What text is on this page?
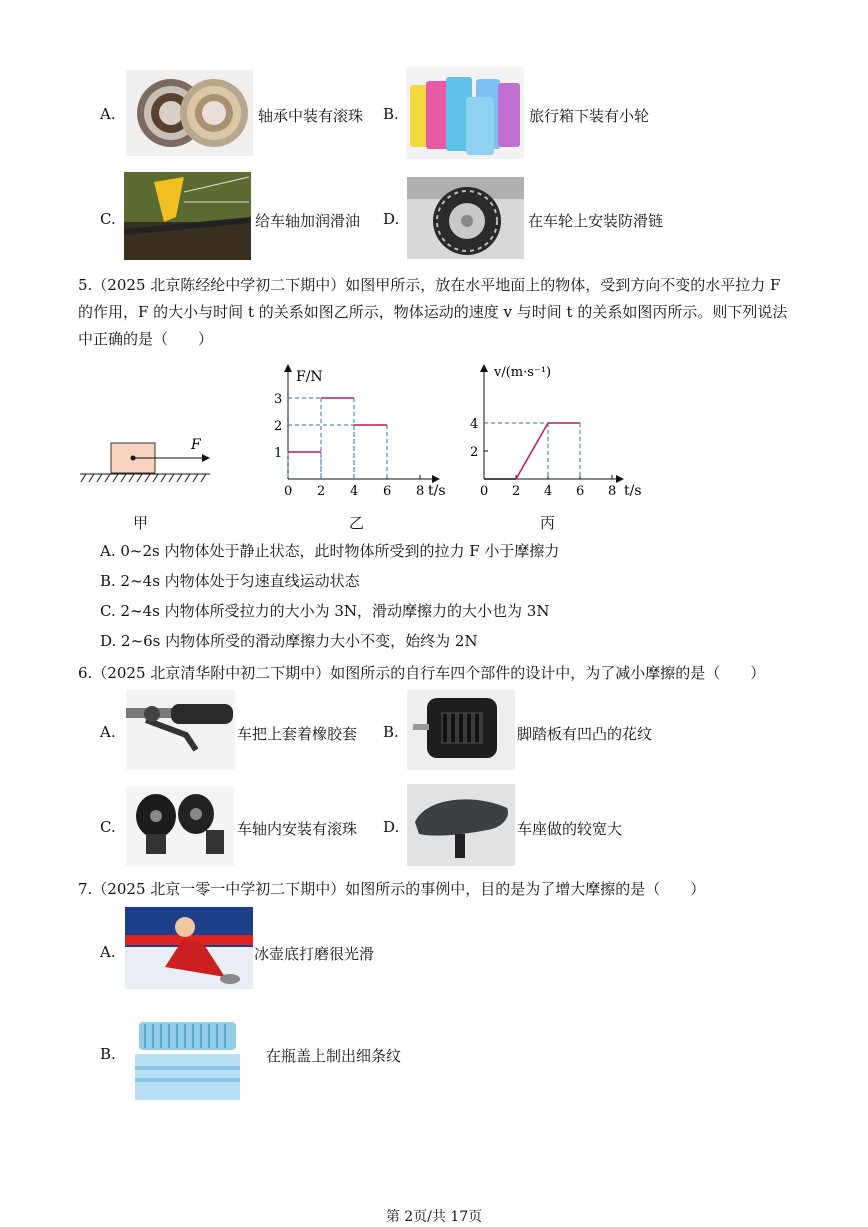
A.	轴承中装有滚珠 B.	旅行箱下装有小轮
C.	给车轴加润滑油 D.	在车轮上安装防滑链

5.（2025 北京陈经纶中学初二下期中）如图甲所示，放在水平地面上的物体，受到方向不变的水平拉力 F

的作用，F 的大小与时间 t 的关系如图乙所示，物体运动的速度 v 与时间 t 的关系如图丙所示。则下列说法

中正确的是（　　）

F
甲
F/N
t/s
0 2 4 6 8
3
2
1
乙
v/(m·s⁻¹)
t/s
0 2 4 6 8
4
2
丙
A. 0~2s 内物体处于静止状态，此时物体所受到的拉力 F 小于摩擦力
B. 2~4s 内物体处于匀速直线运动状态
C. 2~4s 内物体所受拉力的大小为 3N，滑动摩擦力的大小也为 3N
D. 2~6s 内物体所受的滑动摩擦力大小不变，始终为 2N
6.（2025 北京清华附中初二下期中）如图所示的自行车四个部件的设计中，为了减小摩擦的是（　　）
A.	车把上套着橡胶套 B.	脚踏板有凹凸的花纹
C.	车轴内安装有滚珠 D.	车座做的较宽大
7.（2025 北京一零一中学初二下期中）如图所示的事例中，目的是为了增大摩擦的是（　　）
A.	冰壶底打磨很光滑
B.	在瓶盖上制出细条纹
第 2页/共 17页
